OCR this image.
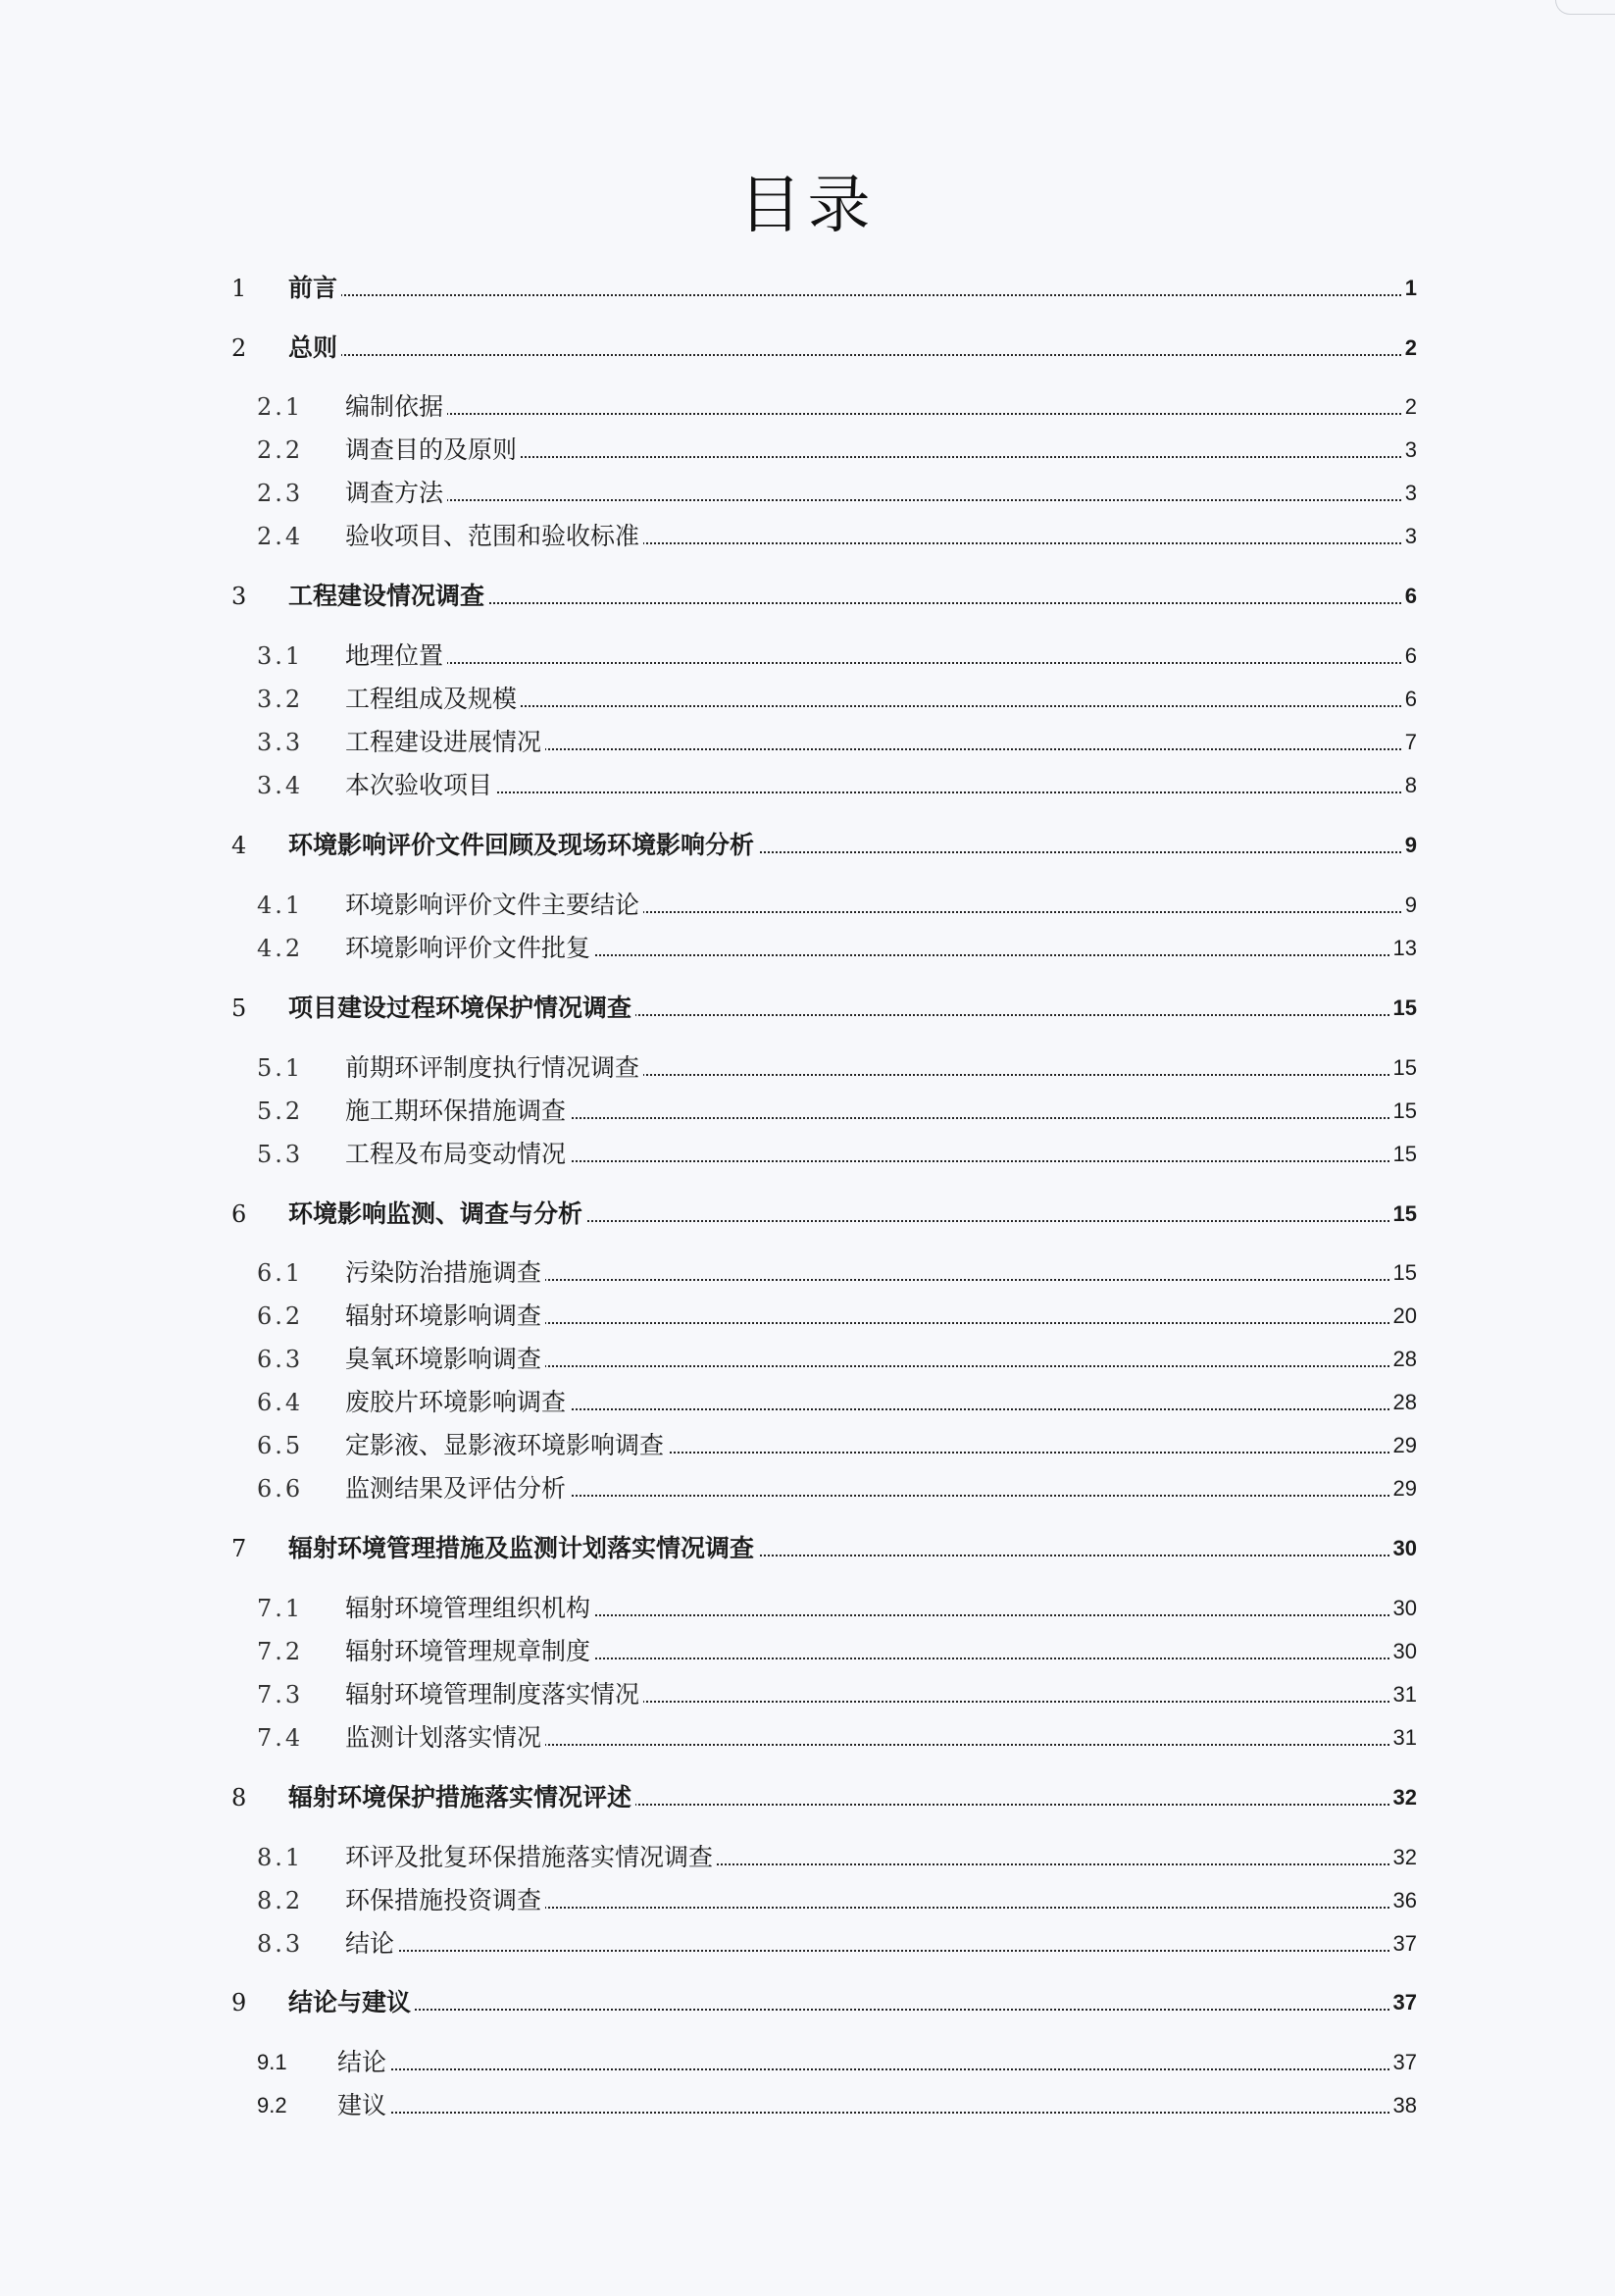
目录
1 前言	1
2 总则	2
2.1 编制依据	2
2.2 调查目的及原则	3
2.3 调查方法	3
2.4 验收项目、范围和验收标准	3
3 工程建设情况调查	6
3.1 地理位置	6
3.2 工程组成及规模	6
3.3 工程建设进展情况	7
3.4 本次验收项目	8
4 环境影响评价文件回顾及现场环境影响分析	9
4.1 环境影响评价文件主要结论	9
4.2 环境影响评价文件批复	13
5 项目建设过程环境保护情况调查	15
5.1 前期环评制度执行情况调查	15
5.2 施工期环保措施调查	15
5.3 工程及布局变动情况	15
6 环境影响监测、调查与分析	15
6.1 污染防治措施调查	15
6.2 辐射环境影响调查	20
6.3 臭氧环境影响调查	28
6.4 废胶片环境影响调查	28
6.5 定影液、显影液环境影响调查	29
6.6 监测结果及评估分析	29
7 辐射环境管理措施及监测计划落实情况调查	30
7.1 辐射环境管理组织机构	30
7.2 辐射环境管理规章制度	30
7.3 辐射环境管理制度落实情况	31
7.4 监测计划落实情况	31
8 辐射环境保护措施落实情况评述	32
8.1 环评及批复环保措施落实情况调查	32
8.2 环保措施投资调查	36
8.3 结论	37
9 结论与建议	37
9.1 结论	37
9.2 建议	38
